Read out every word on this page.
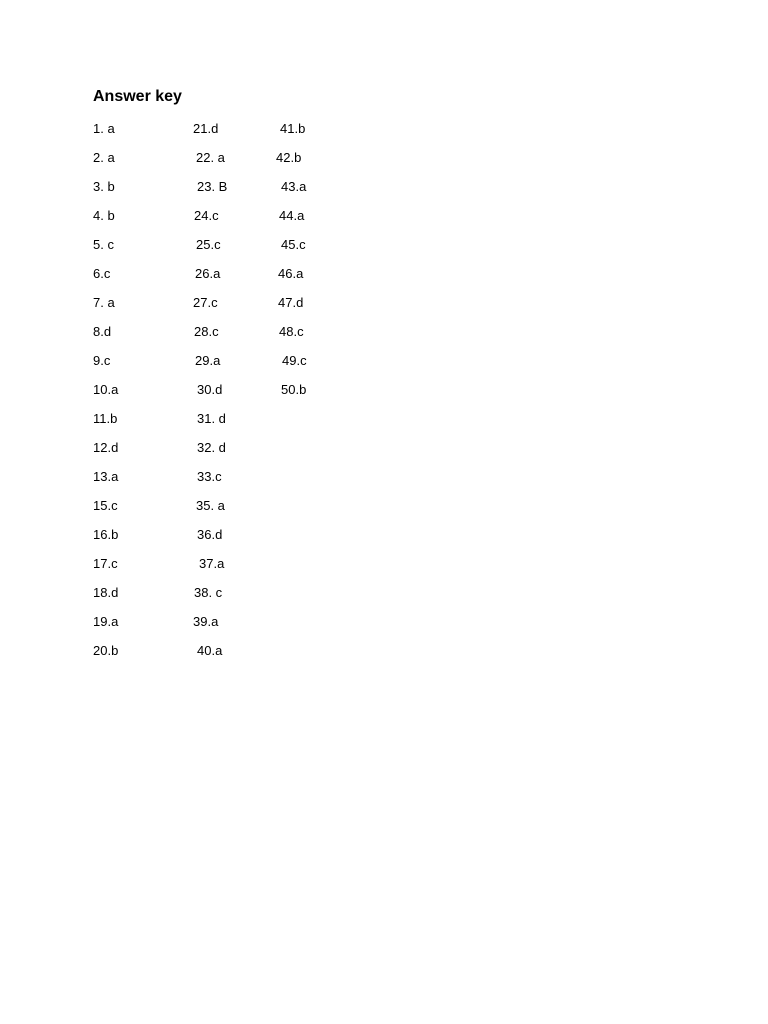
Answer key
1. a	21.d	41.b
2. a	22. a	42.b
3. b	23. B	43.a
4. b	24.c	44.a
5. c	25.c	45.c
6.c	26.a	46.a
7. a	27.c	47.d
8.d	28.c	48.c
9.c	29.a	49.c
10.a	30.d	50.b
11.b	31. d
12.d	32. d
13.a	33.c
15.c	35. a
16.b	36.d
17.c	37.a
18.d	38. c
19.a	39.a
20.b	40.a
